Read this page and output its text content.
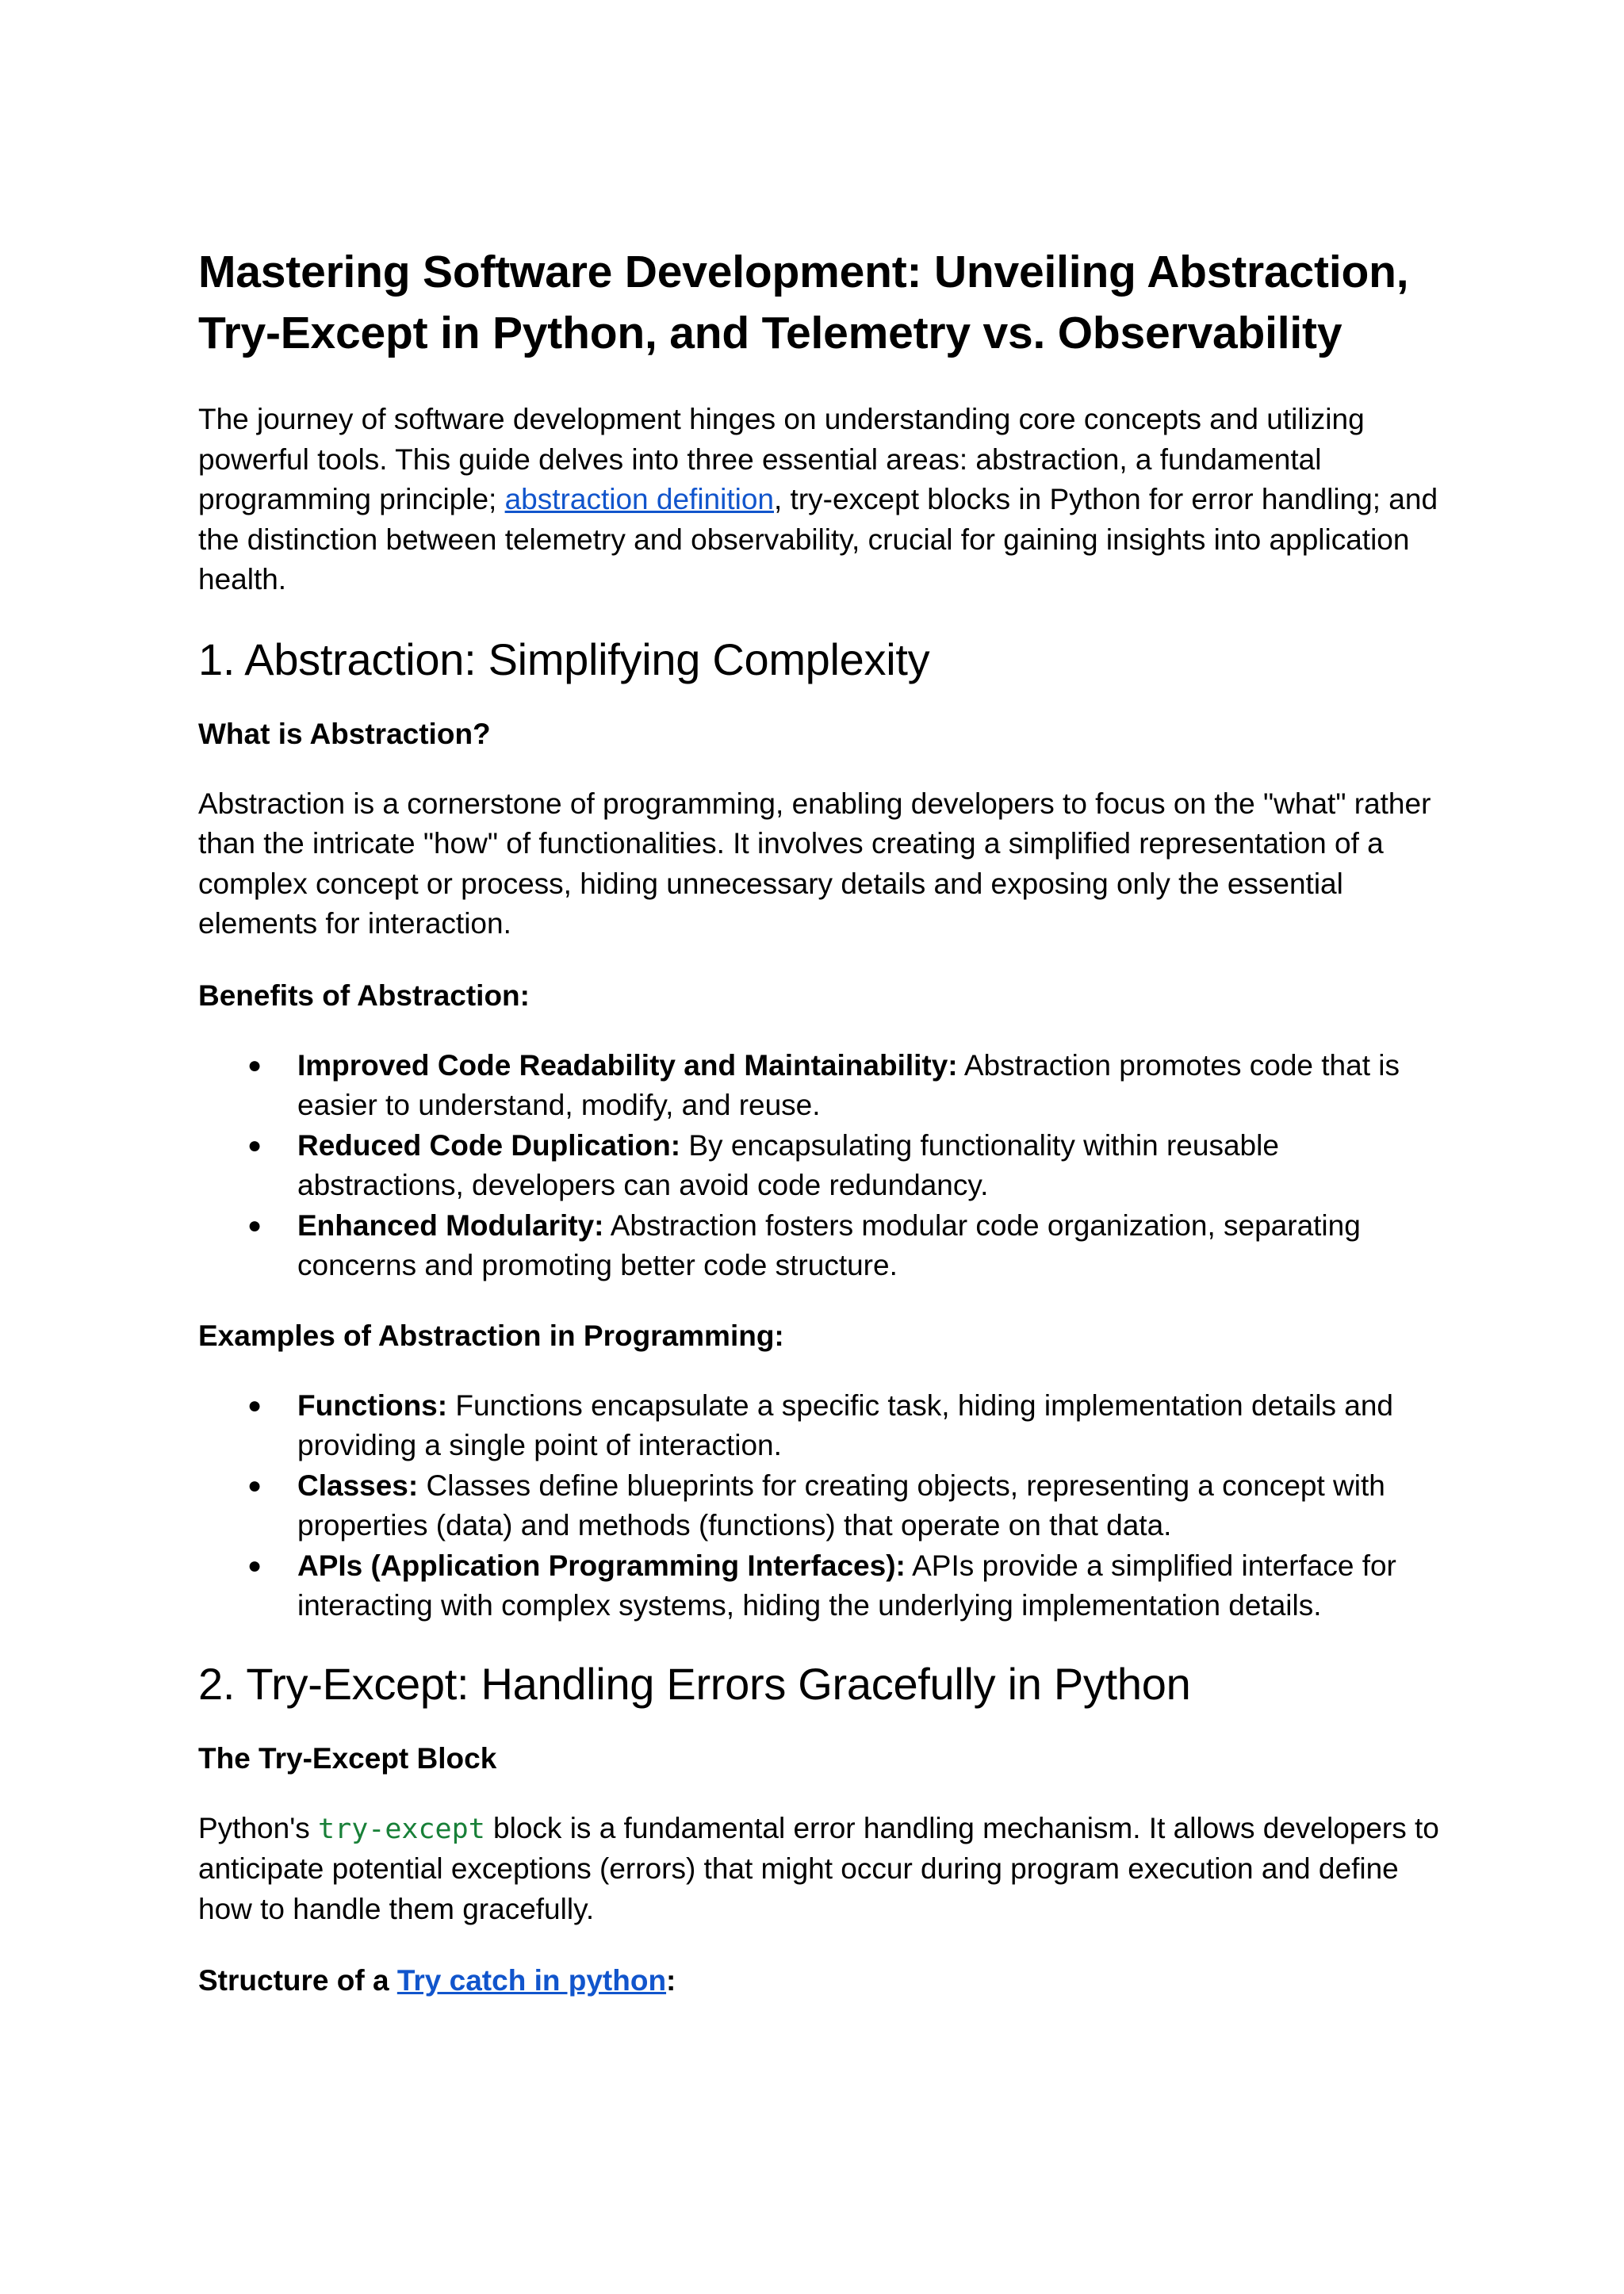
Mastering Software Development: Unveiling Abstraction, Try-Except in Python, and Telemetry vs. Observability

The journey of software development hinges on understanding core concepts and utilizing powerful tools. This guide delves into three essential areas: abstraction, a fundamental programming principle; abstraction definition, try-except blocks in Python for error handling; and the distinction between telemetry and observability, crucial for gaining insights into application health.

1. Abstraction: Simplifying Complexity
What is Abstraction?

Abstraction is a cornerstone of programming, enabling developers to focus on the "what" rather than the intricate "how" of functionalities. It involves creating a simplified representation of a complex concept or process, hiding unnecessary details and exposing only the essential elements for interaction.

Benefits of Abstraction:
● Improved Code Readability and Maintainability: Abstraction promotes code that is easier to understand, modify, and reuse.
● Reduced Code Duplication: By encapsulating functionality within reusable abstractions, developers can avoid code redundancy.
● Enhanced Modularity: Abstraction fosters modular code organization, separating concerns and promoting better code structure.
Examples of Abstraction in Programming:
● Functions: Functions encapsulate a specific task, hiding implementation details and providing a single point of interaction.
● Classes: Classes define blueprints for creating objects, representing a concept with properties (data) and methods (functions) that operate on that data.
● APIs (Application Programming Interfaces): APIs provide a simplified interface for interacting with complex systems, hiding the underlying implementation details.
2. Try-Except: Handling Errors Gracefully in Python
The Try-Except Block

Python's try-except block is a fundamental error handling mechanism. It allows developers to anticipate potential exceptions (errors) that might occur during program execution and define how to handle them gracefully.

Structure of a Try catch in python:
